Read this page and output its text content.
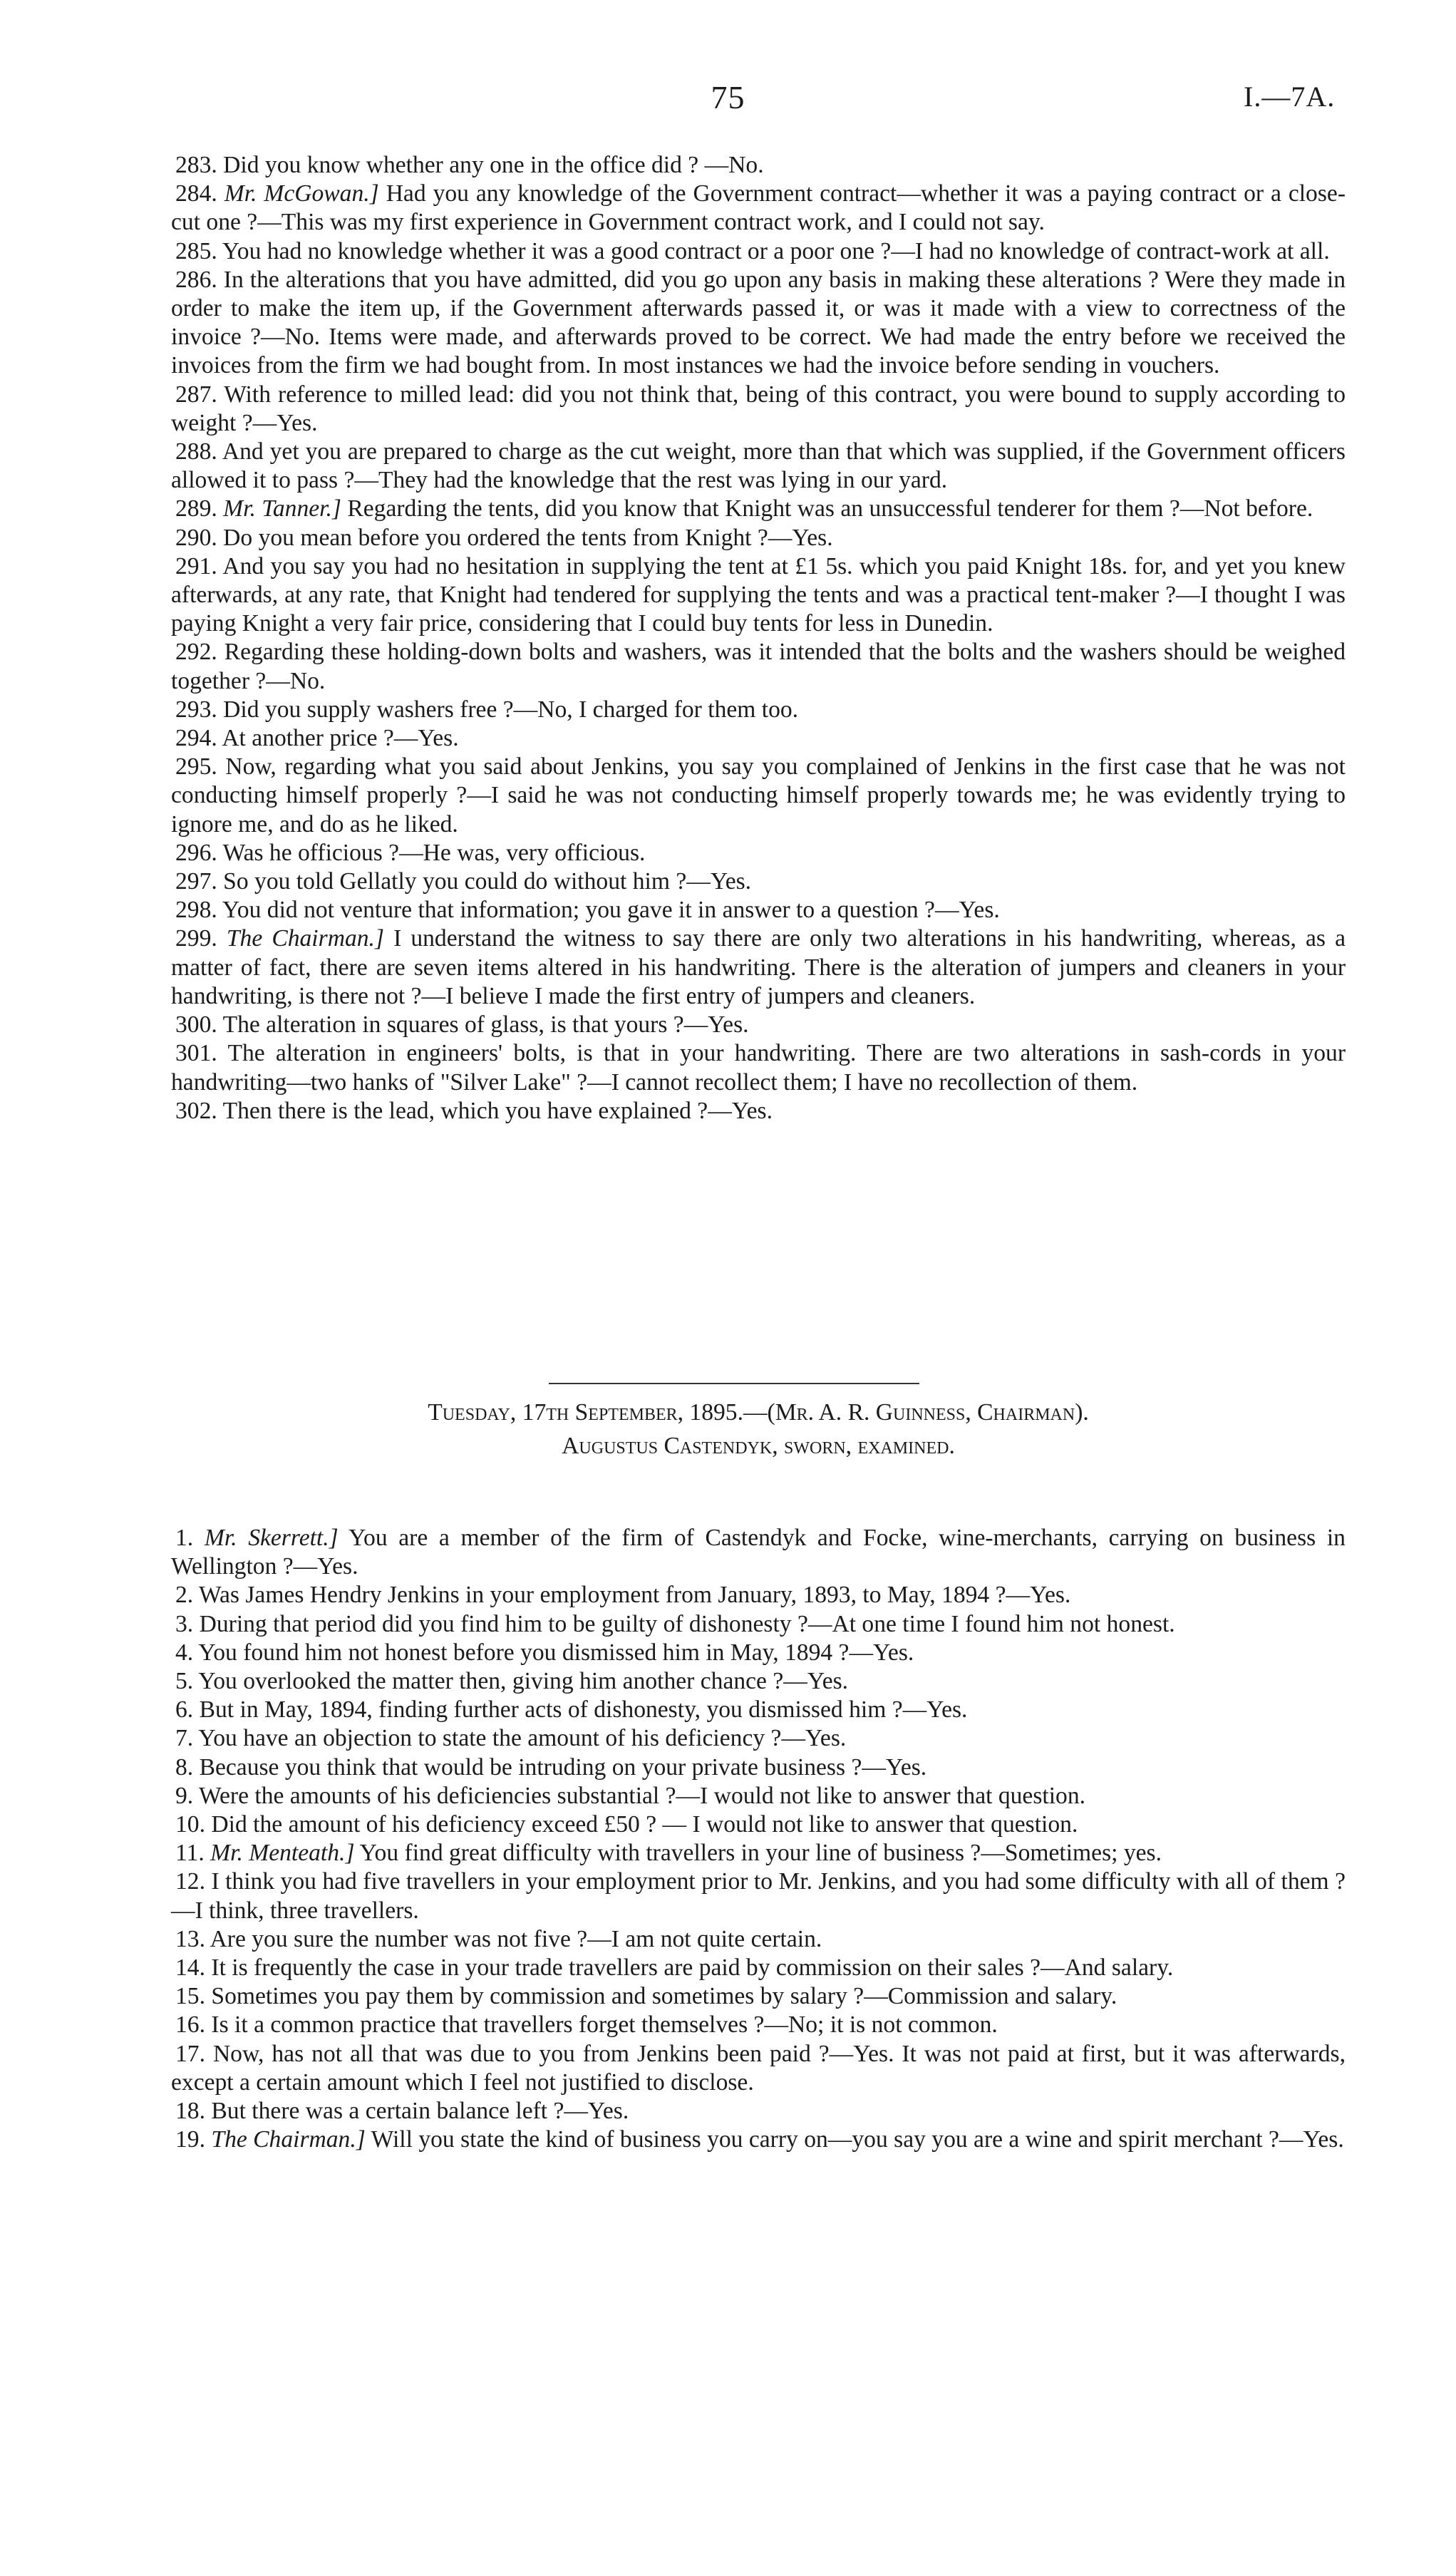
75	I.—7A.

283. Did you know whether any one in the office did ? —No.

284. Mr. McGowan.] Had you any knowledge of the Government contract—whether it was a paying contract or a close-cut one ?—This was my first experience in Government contract work, and I could not say.

285. You had no knowledge whether it was a good contract or a poor one ?—I had no knowledge of contract-work at all.

286. In the alterations that you have admitted, did you go upon any basis in making these alterations ? Were they made in order to make the item up, if the Government afterwards passed it, or was it made with a view to correctness of the invoice ?—No. Items were made, and afterwards proved to be correct. We had made the entry before we received the invoices from the firm we had bought from. In most instances we had the invoice before sending in vouchers.

287. With reference to milled lead: did you not think that, being of this contract, you were bound to supply according to weight ?—Yes.

288. And yet you are prepared to charge as the cut weight, more than that which was supplied, if the Government officers allowed it to pass ?—They had the knowledge that the rest was lying in our yard.

289. Mr. Tanner.] Regarding the tents, did you know that Knight was an unsuccessful tenderer for them ?—Not before.

290. Do you mean before you ordered the tents from Knight ?—Yes.

291. And you say you had no hesitation in supplying the tent at £1 5s. which you paid Knight 18s. for, and yet you knew afterwards, at any rate, that Knight had tendered for supplying the tents and was a practical tent-maker ?—I thought I was paying Knight a very fair price, considering that I could buy tents for less in Dunedin.

292. Regarding these holding-down bolts and washers, was it intended that the bolts and the washers should be weighed together ?—No.

293. Did you supply washers free ?—No, I charged for them too.

294. At another price ?—Yes.

295. Now, regarding what you said about Jenkins, you say you complained of Jenkins in the first case that he was not conducting himself properly ?—I said he was not conducting himself properly towards me; he was evidently trying to ignore me, and do as he liked.

296. Was he officious ?—He was, very officious.

297. So you told Gellatly you could do without him ?—Yes.

298. You did not venture that information; you gave it in answer to a question ?—Yes.

299. The Chairman.] I understand the witness to say there are only two alterations in his handwriting, whereas, as a matter of fact, there are seven items altered in his handwriting. There is the alteration of jumpers and cleaners in your handwriting, is there not ?—I believe I made the first entry of jumpers and cleaners.

300. The alteration in squares of glass, is that yours ?—Yes.

301. The alteration in engineers' bolts, is that in your handwriting. There are two alterations in sash-cords in your handwriting—two hanks of "Silver Lake" ?—I cannot recollect them; I have no recollection of them.

302. Then there is the lead, which you have explained ?—Yes.

Tuesday, 17th September, 1895.—(Mr. A. R. Guinness, Chairman).
Augustus Castendyk, sworn, examined.

1. Mr. Skerrett.] You are a member of the firm of Castendyk and Focke, wine-merchants, carrying on business in Wellington ?—Yes.

2. Was James Hendry Jenkins in your employment from January, 1893, to May, 1894 ?—Yes.

3. During that period did you find him to be guilty of dishonesty ?—At one time I found him not honest.

4. You found him not honest before you dismissed him in May, 1894 ?—Yes.

5. You overlooked the matter then, giving him another chance ?—Yes.

6. But in May, 1894, finding further acts of dishonesty, you dismissed him ?—Yes.

7. You have an objection to state the amount of his deficiency ?—Yes.

8. Because you think that would be intruding on your private business ?—Yes.

9. Were the amounts of his deficiencies substantial ?—I would not like to answer that question.

10. Did the amount of his deficiency exceed £50 ? — I would not like to answer that question.

11. Mr. Menteath.] You find great difficulty with travellers in your line of business ?—Sometimes; yes.

12. I think you had five travellers in your employment prior to Mr. Jenkins, and you had some difficulty with all of them ?—I think, three travellers.

13. Are you sure the number was not five ?—I am not quite certain.

14. It is frequently the case in your trade travellers are paid by commission on their sales ?—And salary.

15. Sometimes you pay them by commission and sometimes by salary ?—Commission and salary.

16. Is it a common practice that travellers forget themselves ?—No; it is not common.

17. Now, has not all that was due to you from Jenkins been paid ?—Yes. It was not paid at first, but it was afterwards, except a certain amount which I feel not justified to disclose.

18. But there was a certain balance left ?—Yes.

19. The Chairman.] Will you state the kind of business you carry on—you say you are a wine and spirit merchant ?—Yes.
